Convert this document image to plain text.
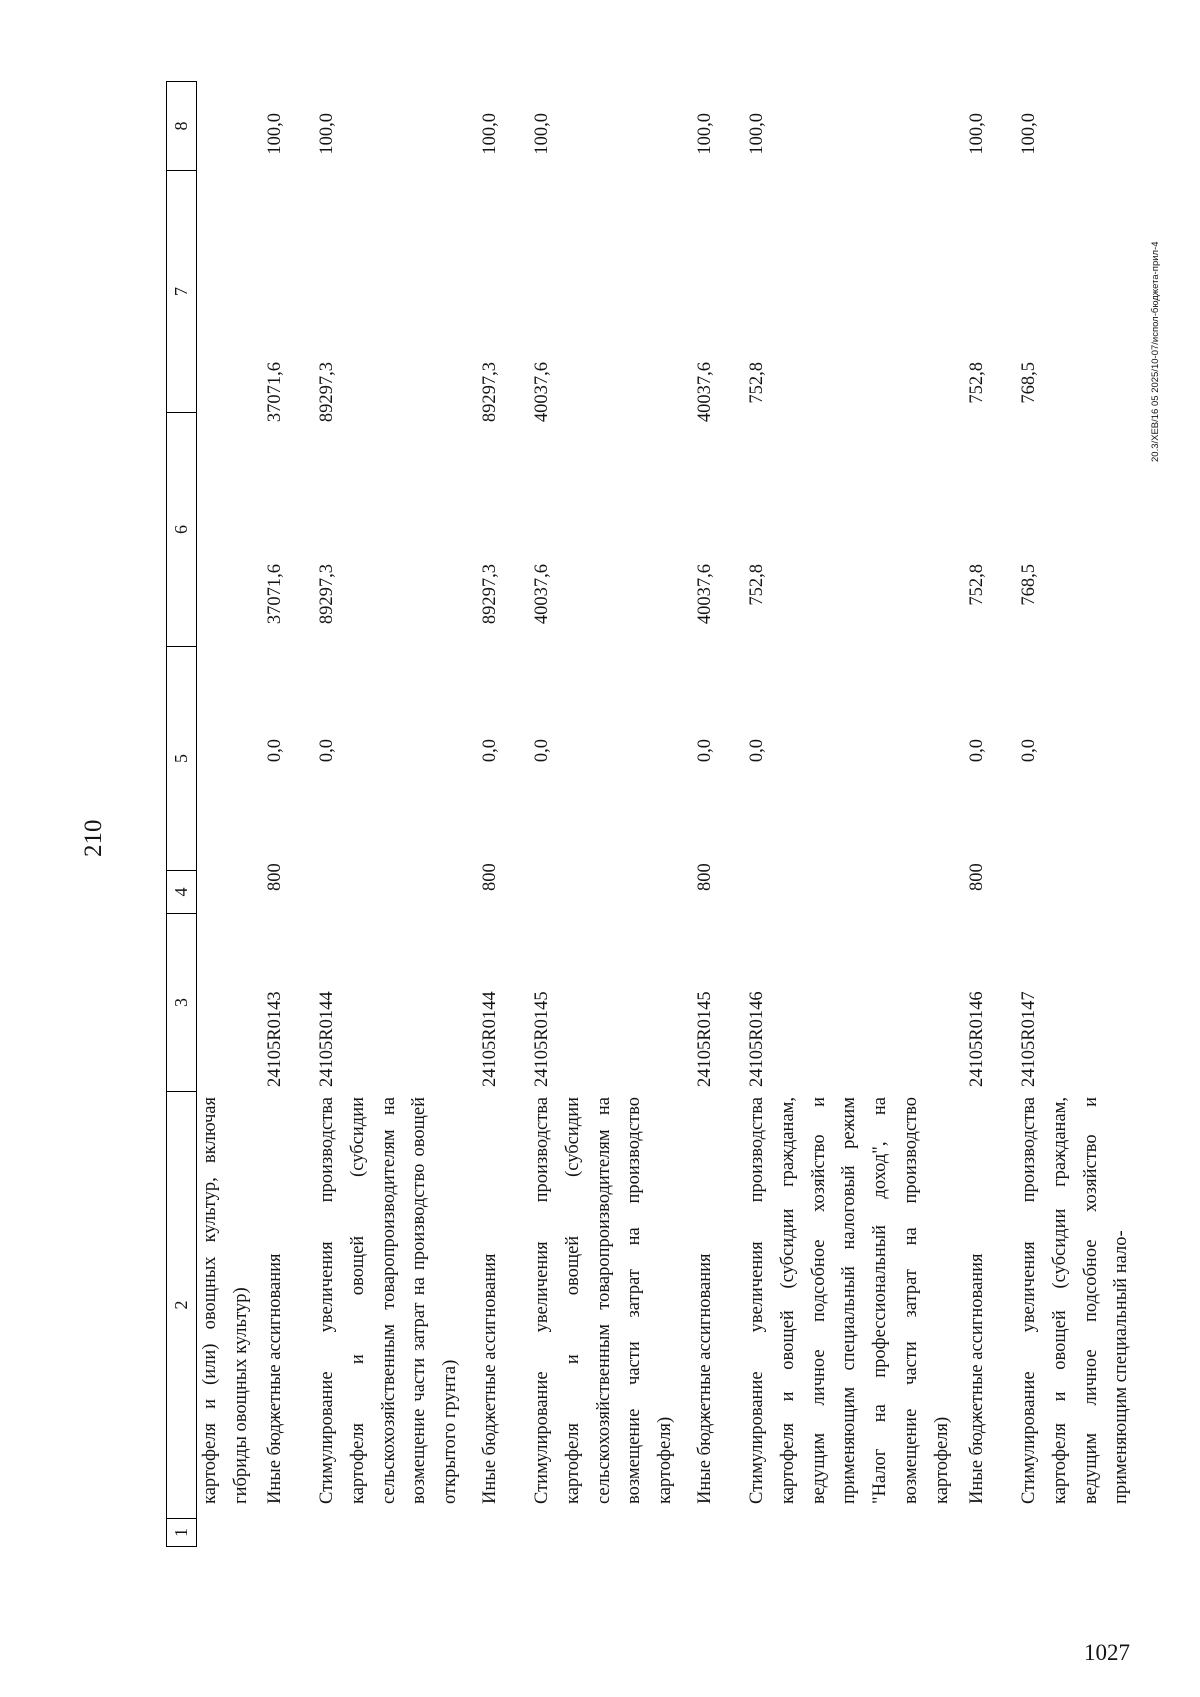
1027
210
1
2
3
4
5
6
7
8
картофеля и (или) овощных культур, включая гибриды овощных культур) Иные бюджетные ассигнования
24105R0143
800
0,0
37071,6
37071,6
100,0
Стимулирование увеличения производства картофеля и овощей (субсидии сельскохозяйственным товаропроизводителям на возмещение части затрат на производство овощей открытого грунта)
24105R0144
0,0
89297,3
89297,3
100,0
Иные бюджетные ассигнования
24105R0144
800
0,0
89297,3
89297,3
100,0
Стимулирование увеличения производства картофеля и овощей (субсидии сельскохозяйственным товаропроизводителям на возмещение части затрат на производство картофеля)
24105R0145
0,0
40037,6
40037,6
100,0
Иные бюджетные ассигнования
24105R0145
800
0,0
40037,6
40037,6
100,0
Стимулирование увеличения производства картофеля и овощей (субсидии гражданам, ведущим личное подсобное хозяйство и применяющим специальный налоговый режим "Налог на профессиональный доход", на возмещение части затрат на производство картофеля)
24105R0146
0,0
752,8
752,8
100,0
Иные бюджетные ассигнования
24105R0146
800
0,0
752,8
752,8
100,0
Стимулирование увеличения производства картофеля и овощей (субсидии гражданам, ведущим личное подсобное хозяйство и применяющим специальный нало-
24105R0147
0,0
768,5
768,5
100,0
20.3/XEB/16 05 2025/10-07/испол-бюджета-прил-4
